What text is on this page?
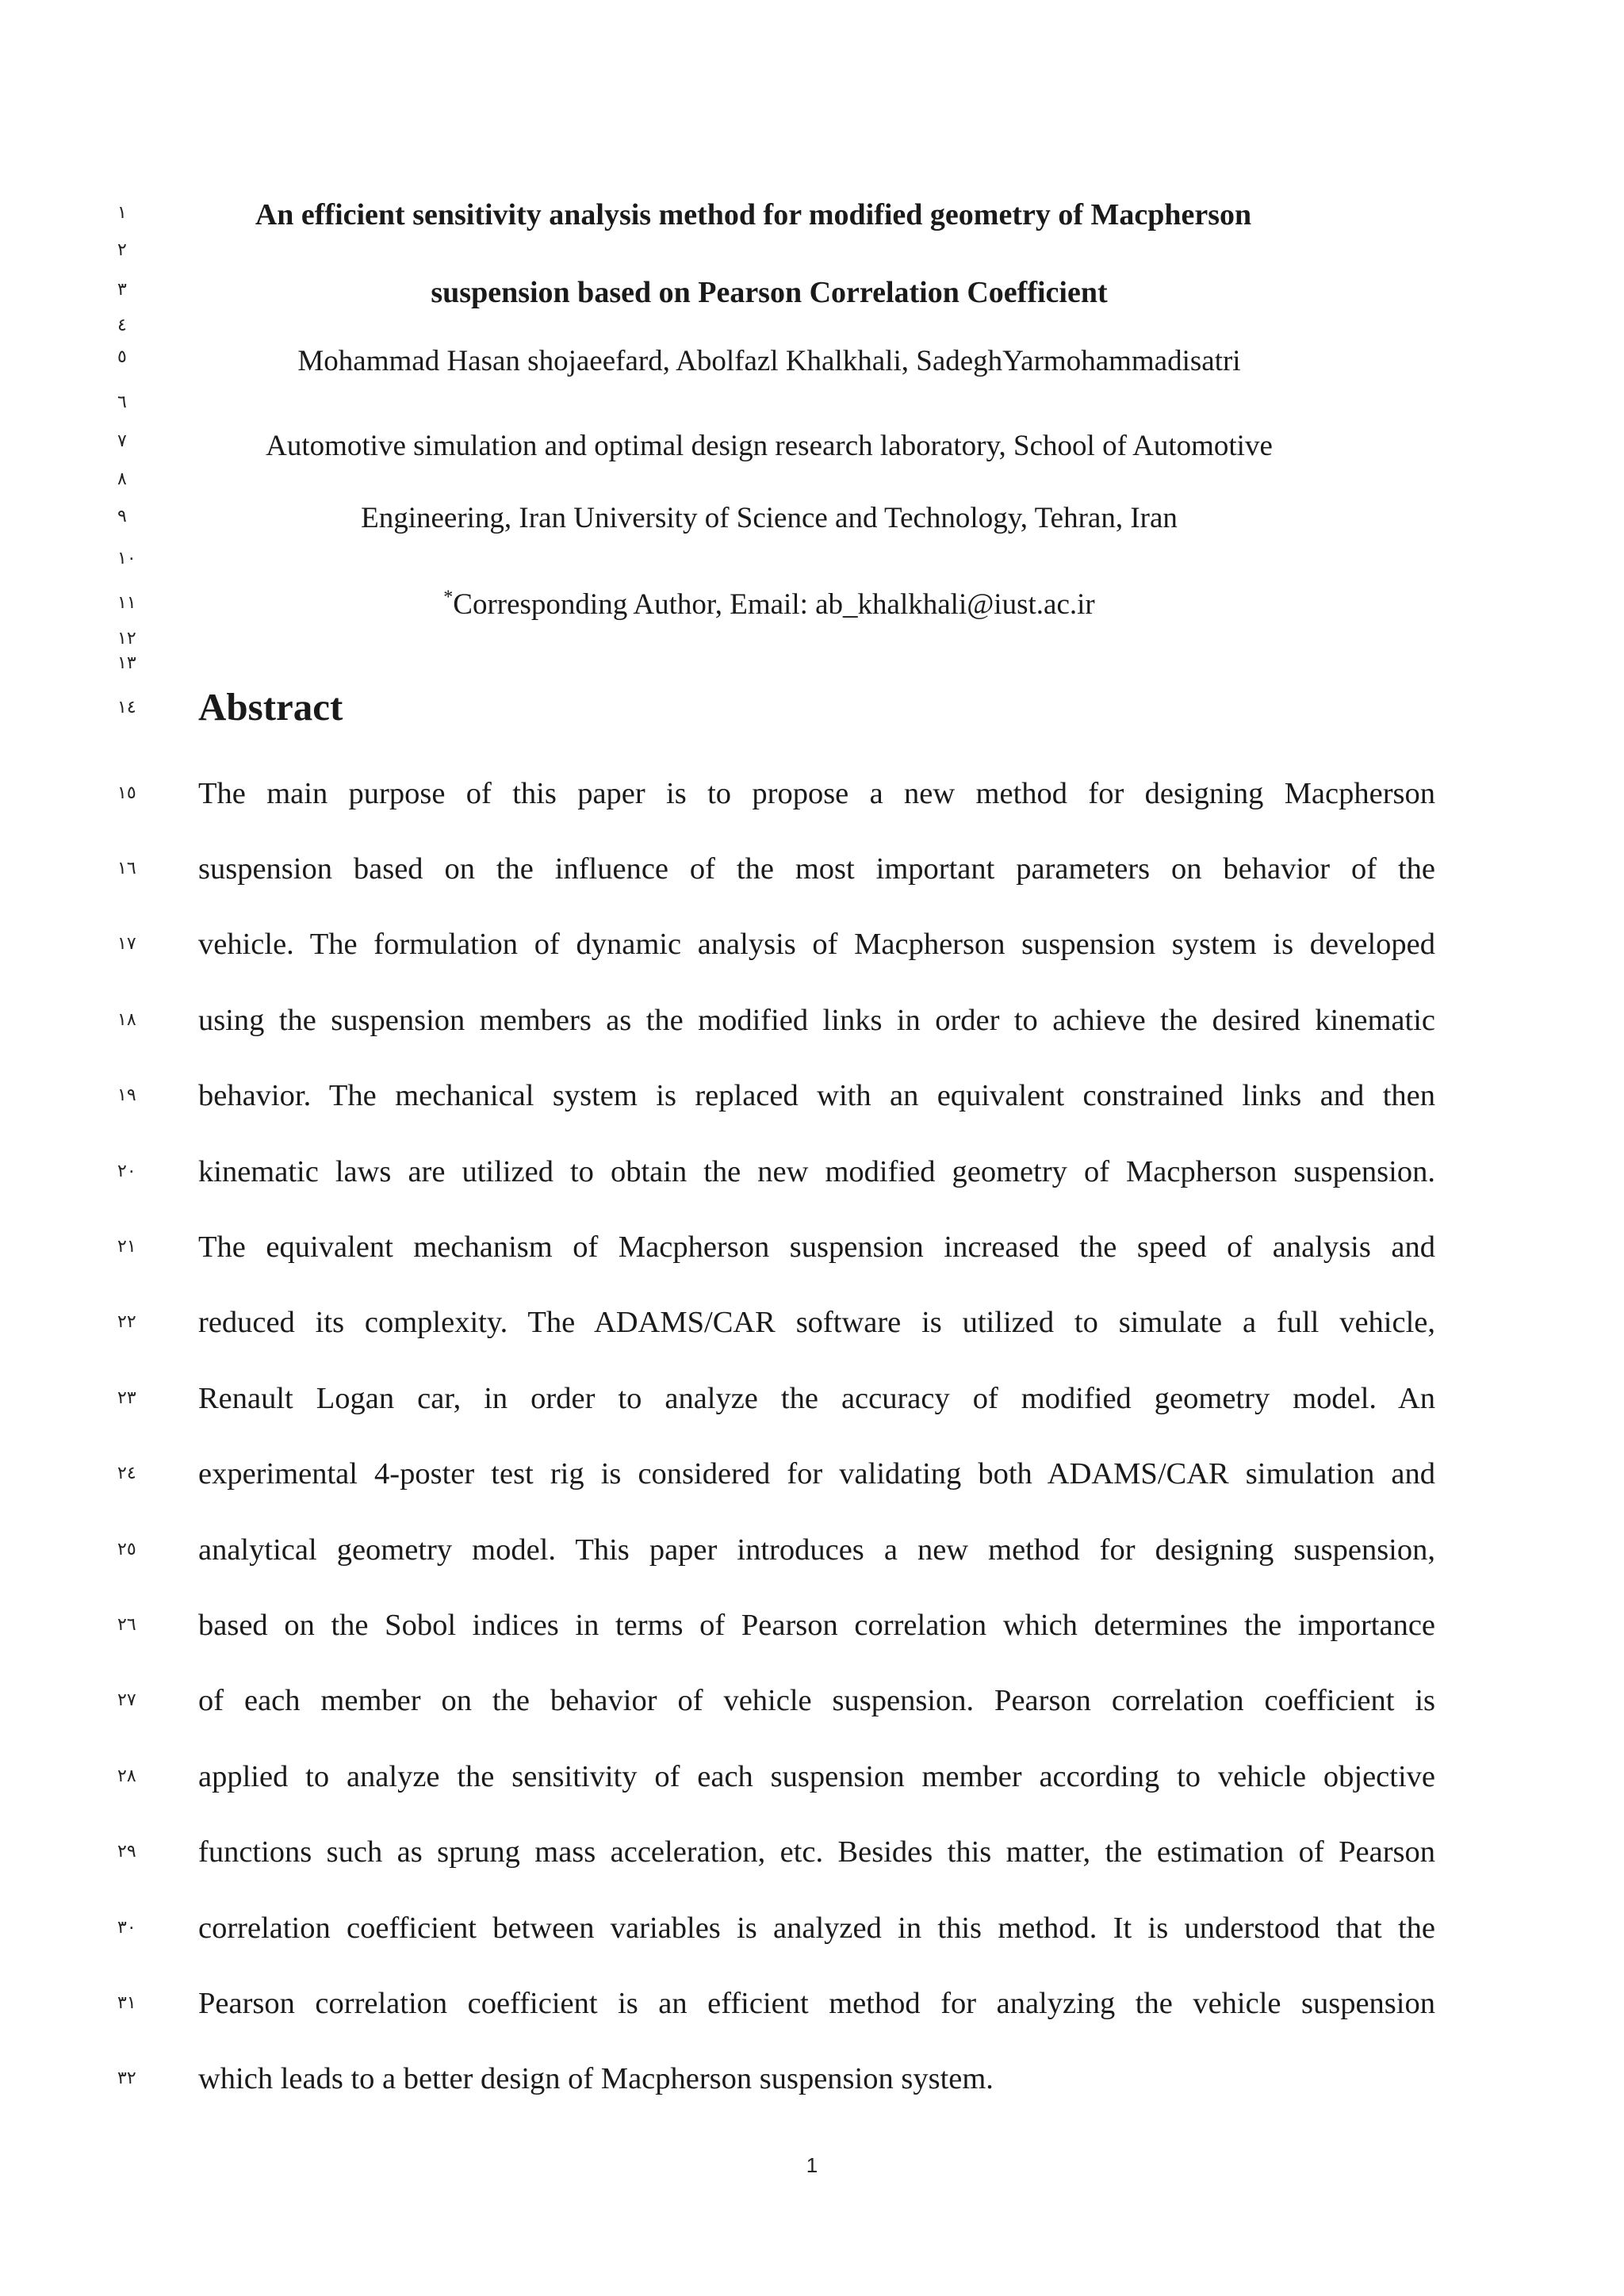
١
٢
٣
٤
٥
٦
٧
٨
٩
١٠
١١
١٢
١٣
١٤
١٥
١٦
١٧
١٨
١٩
٢٠
٢١
٢٢
٢٣
٢٤
٢٥
٢٦
٢٧
٢٨
٢٩
٣٠
٣١
٣٢
An efficient sensitivity analysis method for modified geometry of Macpherson
suspension based on Pearson Correlation Coefficient
Mohammad Hasan shojaeefard, Abolfazl Khalkhali, SadeghYarmohammadisatri
Automotive simulation and optimal design research laboratory, School of Automotive
Engineering, Iran University of Science and Technology, Tehran, Iran
*Corresponding Author, Email: ab_khalkhali@iust.ac.ir
Abstract
The main purpose of this paper is to propose a new method for designing Macpherson
suspension based on the influence of the most important parameters on behavior of the
vehicle. The formulation of dynamic analysis of Macpherson suspension system is developed
using the suspension members as the modified links in order to achieve the desired kinematic
behavior. The mechanical system is replaced with an equivalent constrained links and then
kinematic laws are utilized to obtain the new modified geometry of Macpherson suspension.
The equivalent mechanism of Macpherson suspension increased the speed of analysis and
reduced its complexity. The ADAMS/CAR software is utilized to simulate a full vehicle,
Renault Logan car, in order to analyze the accuracy of modified geometry model. An
experimental 4-poster test rig is considered for validating both ADAMS/CAR simulation and
analytical geometry model. This paper introduces a new method for designing suspension,
based on the Sobol indices in terms of Pearson correlation which determines the importance
of each member on the behavior of vehicle suspension. Pearson correlation coefficient is
applied to analyze the sensitivity of each suspension member according to vehicle objective
functions such as sprung mass acceleration, etc. Besides this matter, the estimation of Pearson
correlation coefficient between variables is analyzed in this method. It is understood that the
Pearson correlation coefficient is an efficient method for analyzing the vehicle suspension
which leads to a better design of Macpherson suspension system.
1
